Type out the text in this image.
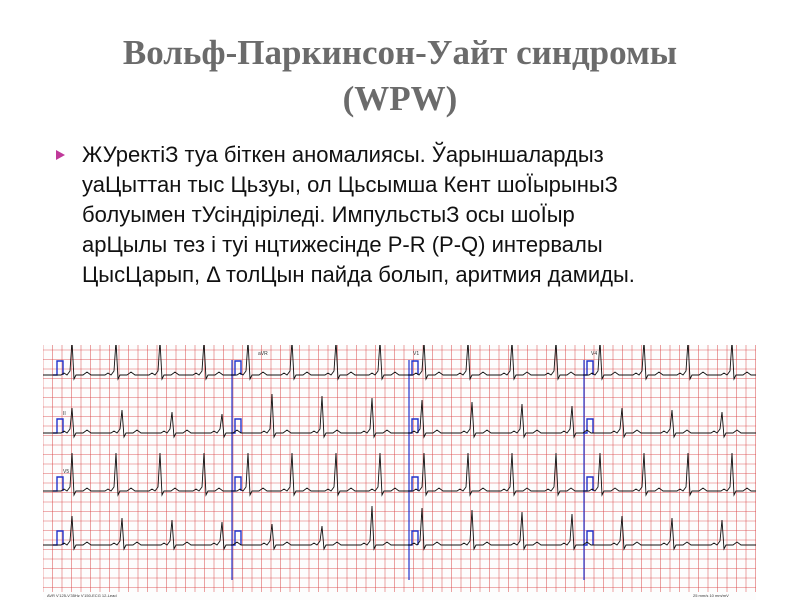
Вольф-Паркинсон-Уайт синдромы
(WPW)
ЖУректіЗ туа біткен аномалиясы. Ўарыншалардыз
уаЦыттан тыс Цьзуы, ол Цьсымша Кент шоЇырыныЗ
болуымен тУсіндіріледі. ИмпульстыЗ осы шоЇыр
арЦылы тез і туі нцтижесінде P-R (P-Q) интервалы
ЦысЦарып, Δ толЦын пайда болып, аритмия дамиды.
aVR	V1	V4
II
V5
AVR Ѵ125-Ѵ35Hz Ѵ150-ECG 12-Lead	25 mm/s 10 mm/mV
